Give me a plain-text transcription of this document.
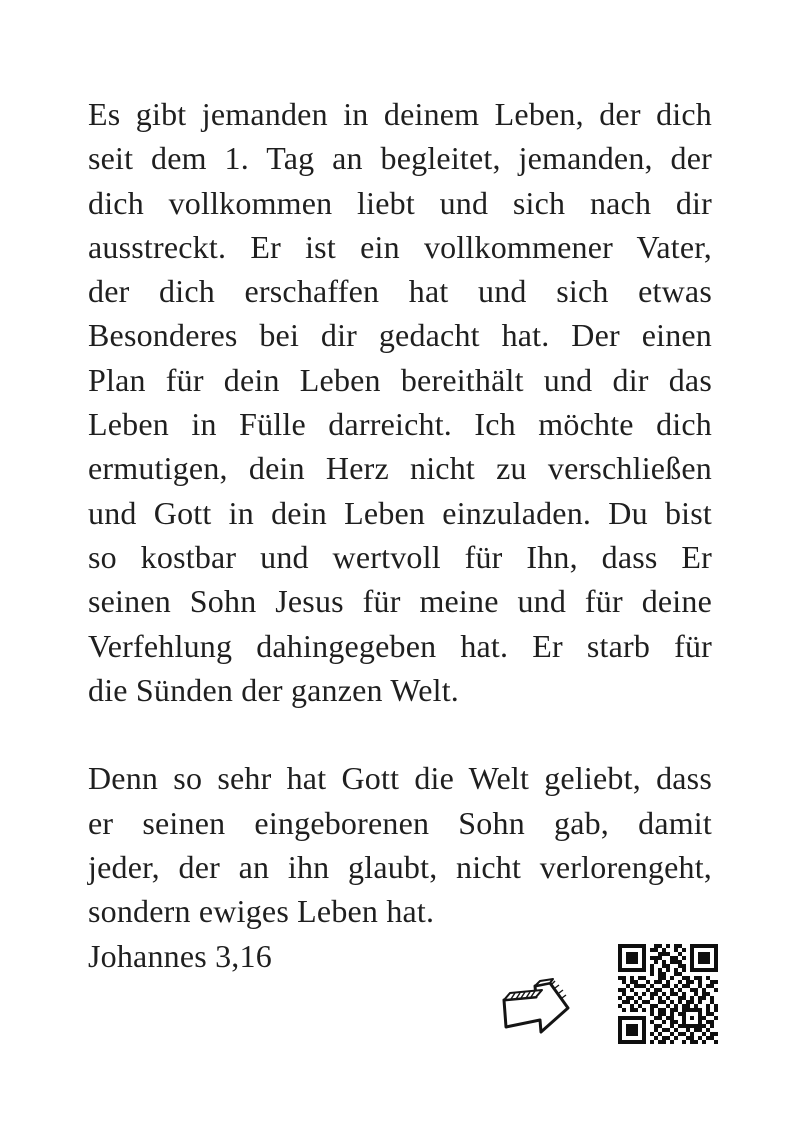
Es gibt jemanden in deinem Leben, der dich
seit dem 1. Tag an begleitet, jemanden, der
dich vollkommen liebt und sich nach dir
ausstreckt. Er ist ein vollkommener Vater,
der dich erschaffen hat und sich etwas
Besonderes bei dir gedacht hat. Der einen
Plan für dein Leben bereithält und dir das
Leben in Fülle darreicht. Ich möchte dich
ermutigen, dein Herz nicht zu verschließen
und Gott in dein Leben einzuladen. Du bist
so kostbar und wertvoll für Ihn, dass Er
seinen Sohn Jesus für meine und für deine
Verfehlung dahingegeben hat. Er starb für
die Sünden der ganzen Welt.
Denn so sehr hat Gott die Welt geliebt, dass
er seinen eingeborenen Sohn gab, damit
jeder, der an ihn glaubt, nicht verlorengeht,
sondern ewiges Leben hat.
Johannes 3,16
